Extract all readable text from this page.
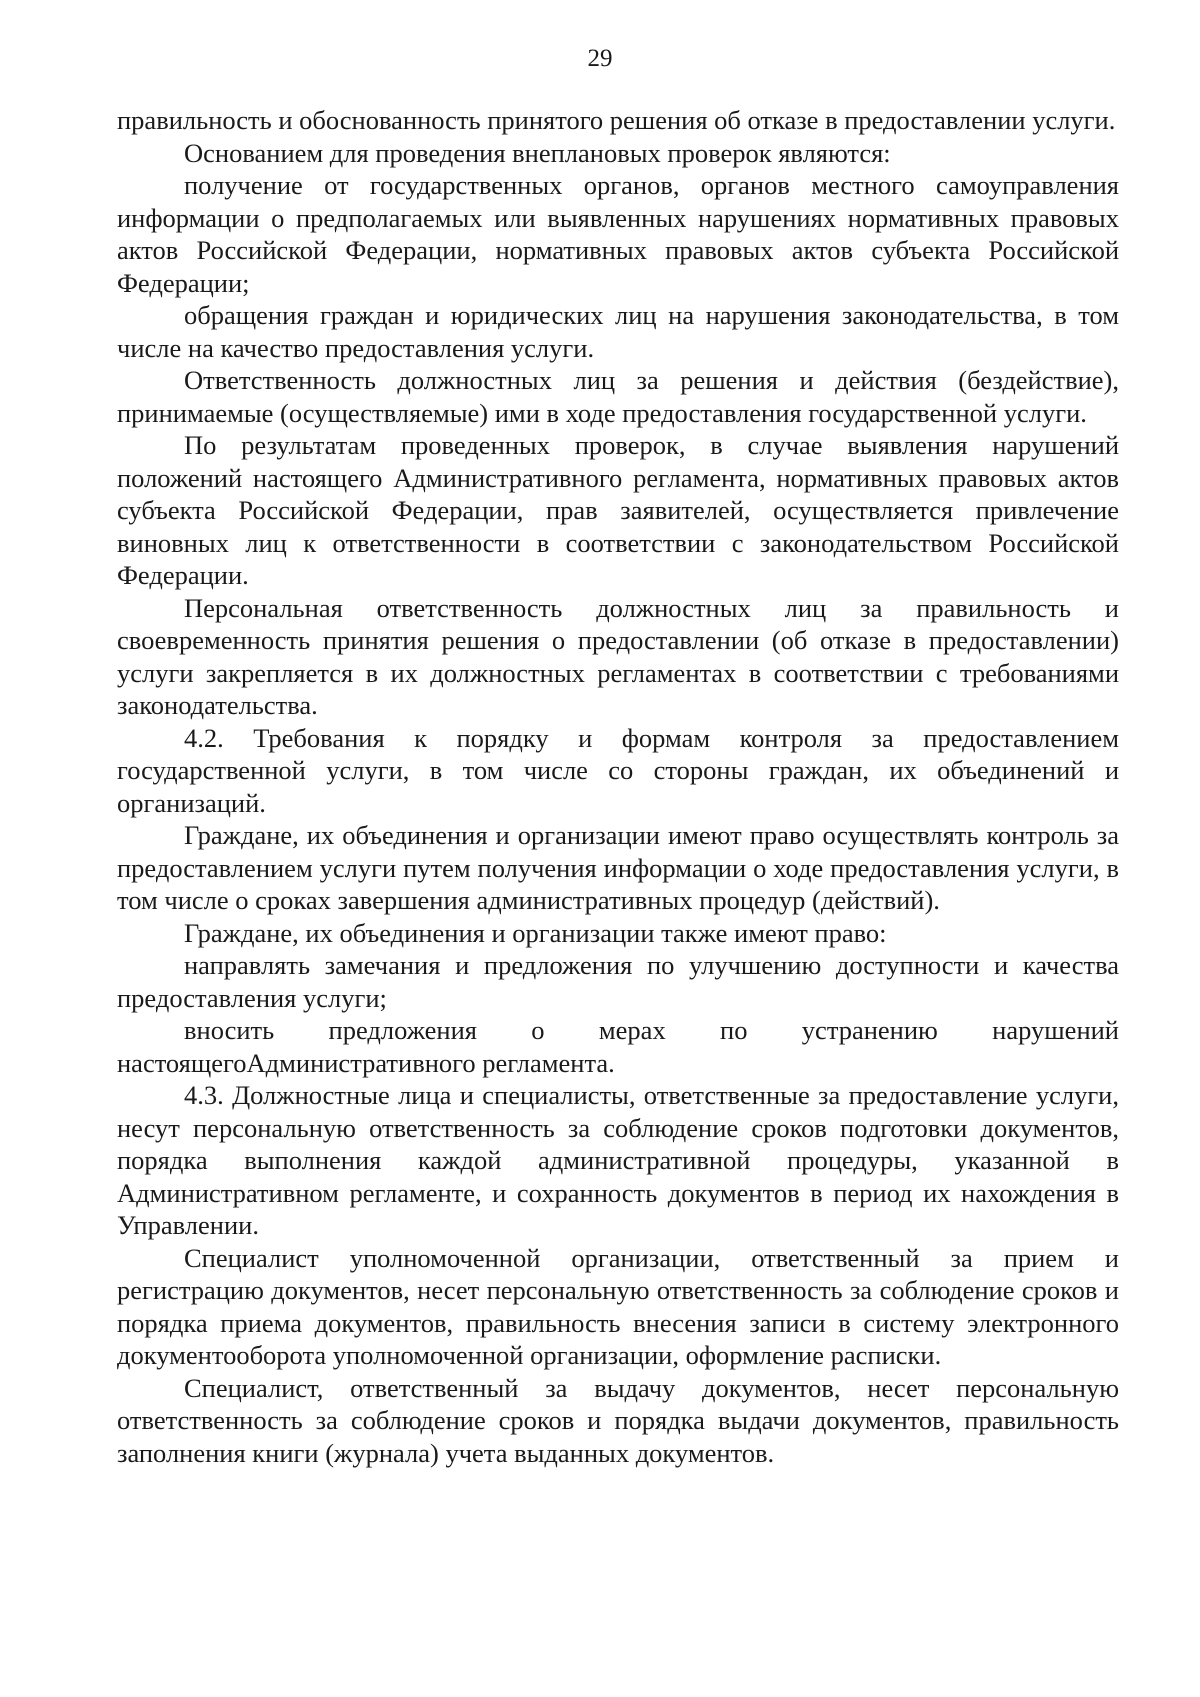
29

правильность и обоснованность принятого решения об отказе в предоставлении услуги.

Основанием для проведения внеплановых проверок являются:

получение от государственных органов, органов местного самоуправления информации о предполагаемых или выявленных нарушениях нормативных правовых актов Российской Федерации, нормативных правовых актов субъекта Российской Федерации;

обращения граждан и юридических лиц на нарушения законодательства, в том числе на качество предоставления услуги.

Ответственность должностных лиц за решения и действия (бездействие), принимаемые (осуществляемые) ими в ходе предоставления государственной услуги.

По результатам проведенных проверок, в случае выявления нарушений положений настоящего Административного регламента, нормативных правовых актов субъекта Российской Федерации, прав заявителей, осуществляется привлечение виновных лиц к ответственности в соответствии с законодательством Российской Федерации.

Персональная ответственность должностных лиц за правильность и своевременность принятия решения о предоставлении (об отказе в предоставлении) услуги закрепляется в их должностных регламентах в соответствии с требованиями законодательства.

4.2. Требования к порядку и формам контроля за предоставлением государственной услуги, в том числе со стороны граждан, их объединений и организаций.

Граждане, их объединения и организации имеют право осуществлять контроль за предоставлением услуги путем получения информации о ходе предоставления услуги, в том числе о сроках завершения административных процедур (действий).

Граждане, их объединения и организации также имеют право:

направлять замечания и предложения по улучшению доступности и качества предоставления услуги;

вносить предложения о мерах по устранению нарушений настоящегоАдминистративного регламента.

4.3. Должностные лица и специалисты, ответственные за предоставление услуги, несут персональную ответственность за соблюдение сроков подготовки документов, порядка выполнения каждой административной процедуры, указанной в Административном регламенте, и сохранность документов в период их нахождения в Управлении.

Специалист уполномоченной организации, ответственный за прием и регистрацию документов, несет персональную ответственность за соблюдение сроков и порядка приема документов, правильность внесения записи в систему электронного документооборота уполномоченной организации, оформление расписки.

Специалист, ответственный за выдачу документов, несет персональную ответственность за соблюдение сроков и порядка выдачи документов, правильность заполнения книги (журнала) учета выданных документов.
